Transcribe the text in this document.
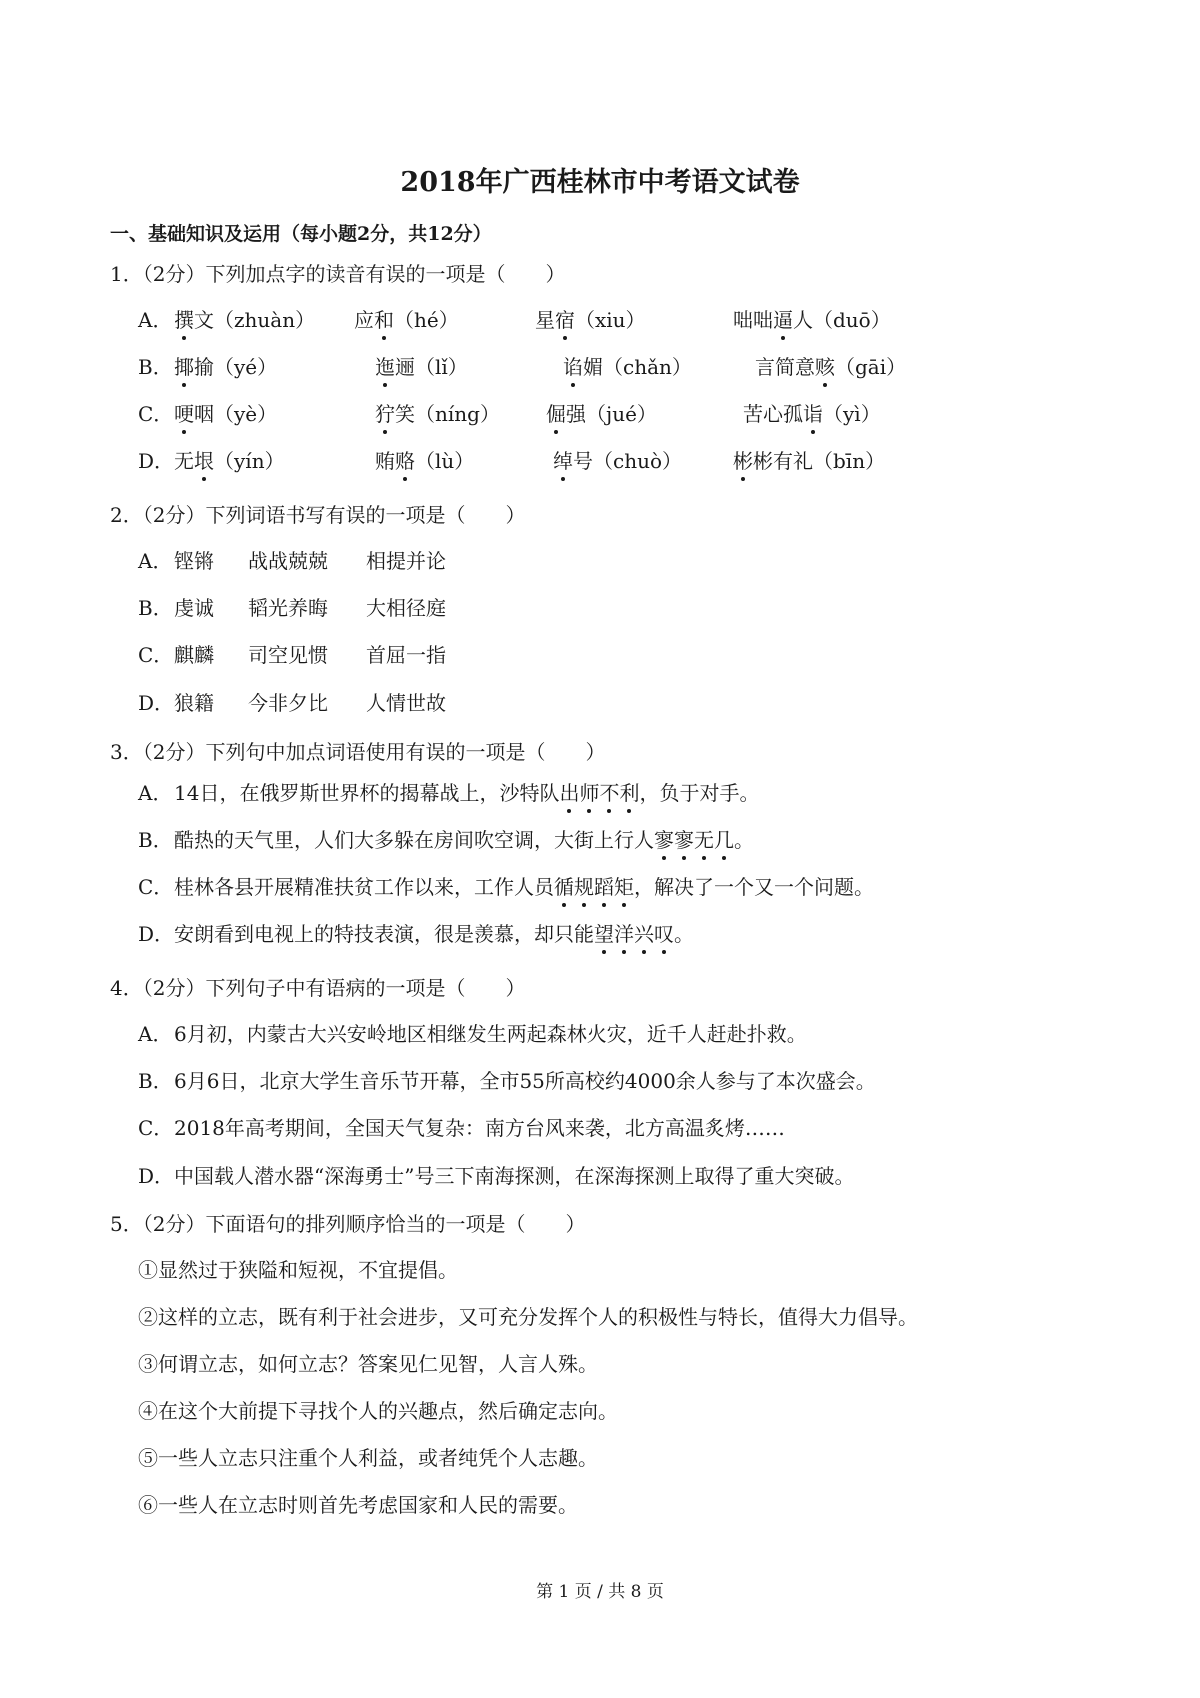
2018年广西桂林市中考语文试卷
一、基础知识及运用（每小题2分，共12分）
1．（2分）下列加点字的读音有误的一项是（　　）
A． 撰文（zhuàn） 应和（hé）	星宿（xiu）	咄咄逼人（duō）
B． 揶揄（yé）	迤逦（lǐ）	谄媚（chǎn）	言简意赅（gāi）
C． 哽咽（yè）	狞笑（níng） 倔强（jué）	苦心孤诣（yì）
D． 无垠（yín）	贿赂（lù）	绰号（chuò）	彬彬有礼（bīn）
2．（2分）下列词语书写有误的一项是（　　）
A． 铿锵 战战兢兢 相提并论
B． 虔诚 韬光养晦 大相径庭
C． 麒麟 司空见惯 首屈一指
D． 狼籍 今非夕比 人情世故
3．（2分）下列句中加点词语使用有误的一项是（　　）
A． 14日，在俄罗斯世界杯的揭幕战上，沙特队出师不利，负于对手。
B． 酷热的天气里，人们大多躲在房间吹空调，大街上行人寥寥无几。
C． 桂林各县开展精准扶贫工作以来，工作人员循规蹈矩，解决了一个又一个问题。
D． 安朗看到电视上的特技表演，很是羡慕，却只能望洋兴叹。
4．（2分）下列句子中有语病的一项是（　　）
A． 6月初，内蒙古大兴安岭地区相继发生两起森林火灾，近千人赶赴扑救。
B． 6月6日，北京大学生音乐节开幕，全市55所高校约4000余人参与了本次盛会。
C． 2018年高考期间，全国天气复杂：南方台风来袭，北方高温炙烤……
D． 中国载人潜水器“深海勇士”号三下南海探测，在深海探测上取得了重大突破。
5．（2分）下面语句的排列顺序恰当的一项是（　　）
①显然过于狭隘和短视，不宜提倡。
②这样的立志，既有利于社会进步，又可充分发挥个人的积极性与特长，值得大力倡导。
③何谓立志，如何立志？答案见仁见智，人言人殊。
④在这个大前提下寻找个人的兴趣点，然后确定志向。
⑤一些人立志只注重个人利益，或者纯凭个人志趣。
⑥一些人在立志时则首先考虑国家和人民的需要。
第 1 页 / 共 8 页
